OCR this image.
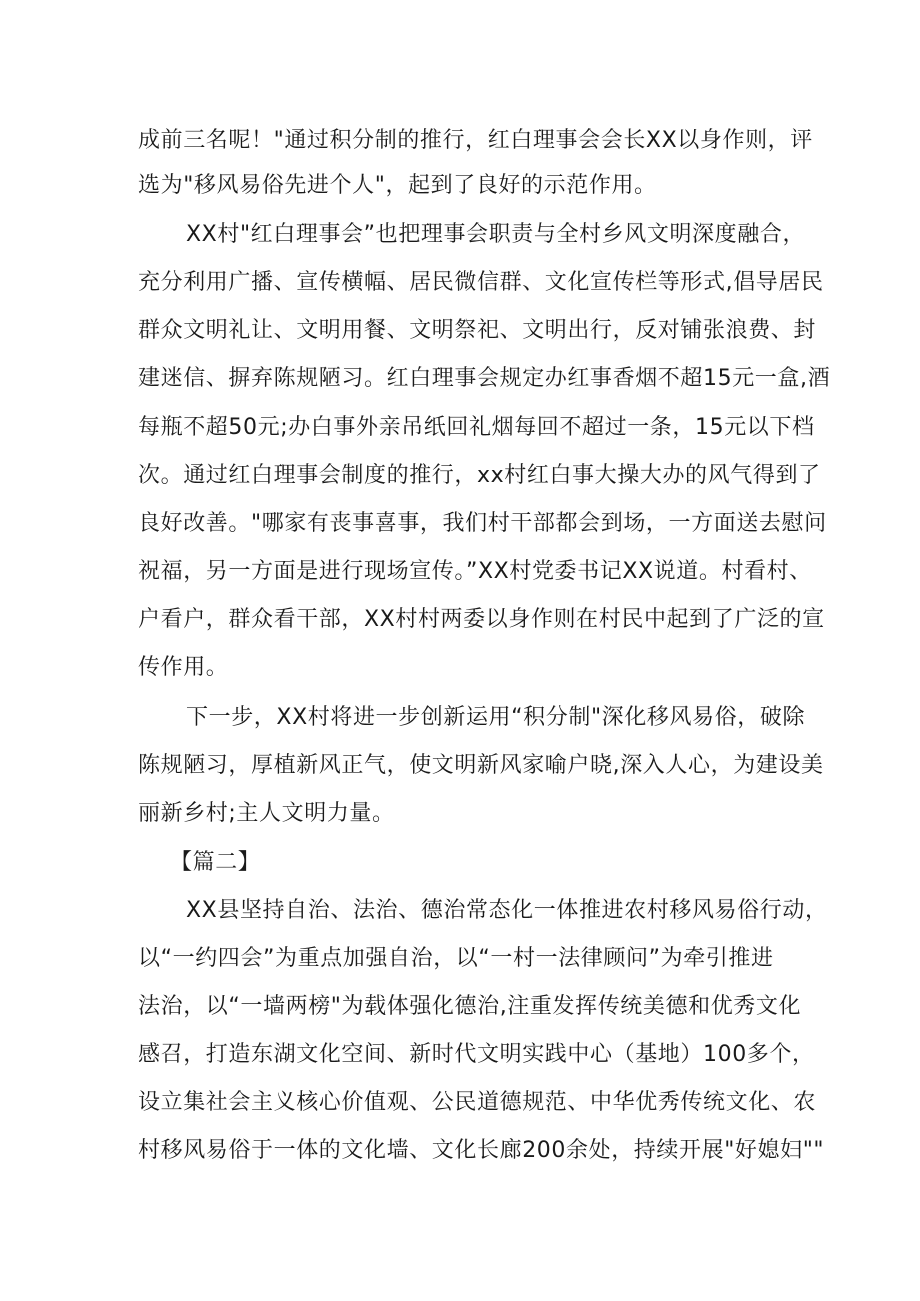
成前三名呢！"通过积分制的推行，红白理事会会长XX以身作则，评

选为"移风易俗先进个人"，起到了良好的示范作用。

XX村"红白理事会”也把理事会职责与全村乡风文明深度融合，

充分利用广播、宣传横幅、居民微信群、文化宣传栏等形式,倡导居民

群众文明礼让、文明用餐、文明祭祀、文明出行，反对铺张浪费、封

建迷信、摒弃陈规陋习。红白理事会规定办红事香烟不超15元一盒,酒

每瓶不超50元;办白事外亲吊纸回礼烟每回不超过一条，15元以下档

次。通过红白理事会制度的推行，xx村红白事大操大办的风气得到了

良好改善。"哪家有丧事喜事，我们村干部都会到场，一方面送去慰问

祝福，另一方面是进行现场宣传。”XX村党委书记XX说道。村看村、

户看户，群众看干部，XX村村两委以身作则在村民中起到了广泛的宣

传作用。

下一步，XX村将进一步创新运用“积分制"深化移风易俗，破除

陈规陋习，厚植新风正气，使文明新风家喻户晓,深入人心，为建设美

丽新乡村;主人文明力量。

【篇二】

XX县坚持自治、法治、德治常态化一体推进农村移风易俗行动，

以“一约四会”为重点加强自治，以“一村一法律顾问”为牵引推进

法治，以“一墙两榜"为载体强化德治,注重发挥传统美德和优秀文化

感召，打造东湖文化空间、新时代文明实践中心（基地）100多个，

设立集社会主义核心价值观、公民道德规范、中华优秀传统文化、农

村移风易俗于一体的文化墙、文化长廊200余处，持续开展"好媳妇""
